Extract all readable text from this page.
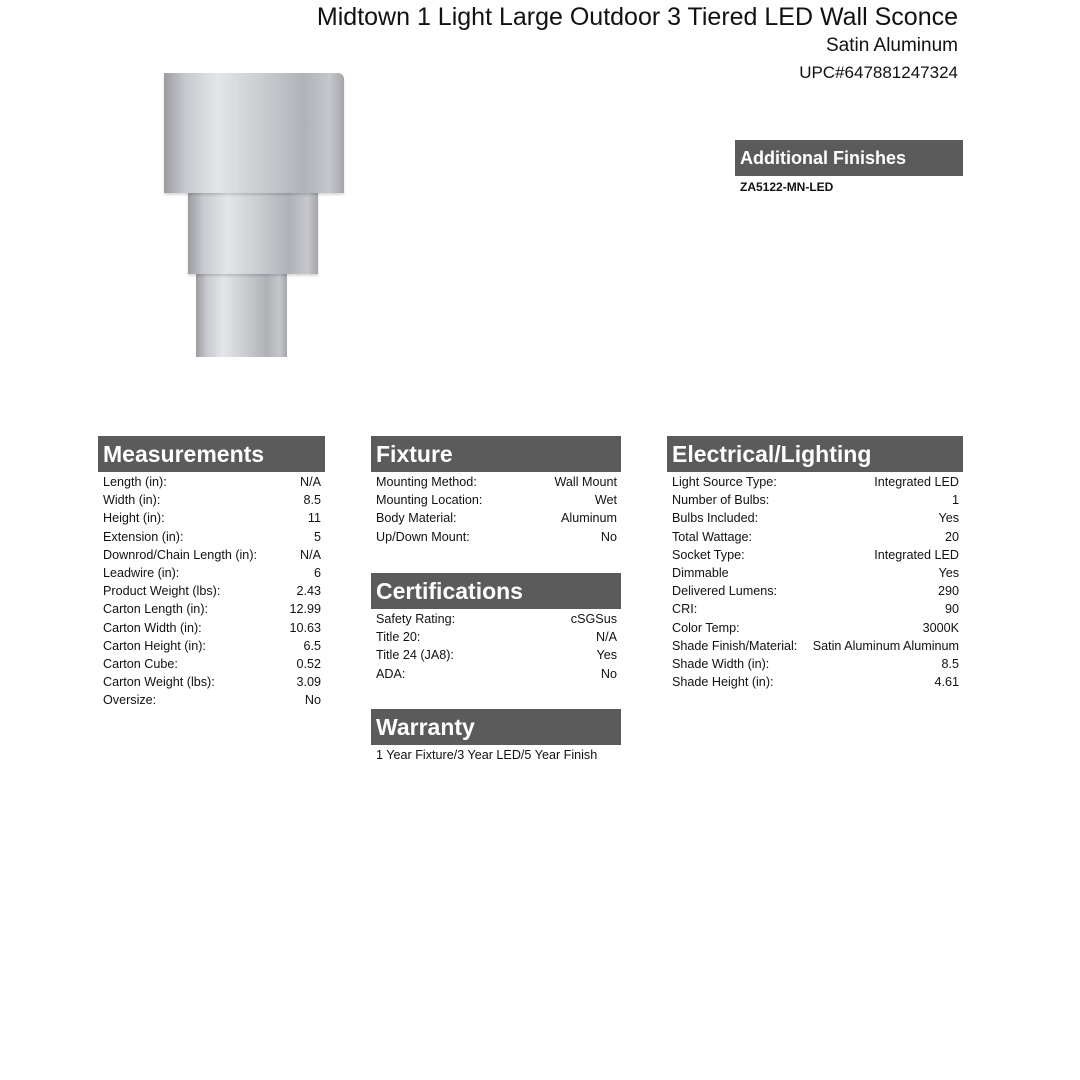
Midtown 1 Light Large Outdoor 3 Tiered LED Wall Sconce
Satin Aluminum
UPC#647881247324
Additional Finishes
ZA5122-MN-LED
Measurements
Length (in):	N/A
Width (in):	8.5
Height (in):	11
Extension (in):	5
Downrod/Chain Length (in):	N/A
Leadwire (in):	6
Product Weight (lbs):	2.43
Carton Length (in):	12.99
Carton Width (in):	10.63
Carton Height (in):	6.5
Carton Cube:	0.52
Carton Weight (lbs):	3.09
Oversize:	No
Fixture
Mounting Method:	Wall Mount
Mounting Location:	Wet
Body Material:	Aluminum
Up/Down Mount:	No
Certifications
Safety Rating:	cSGSus
Title 20:	N/A
Title 24 (JA8):	Yes
ADA:	No
Warranty
1 Year Fixture/3 Year LED/5 Year Finish
Electrical/Lighting
Light Source Type:	Integrated LED
Number of Bulbs:	1
Bulbs Included:	Yes
Total Wattage:	20
Socket Type:	Integrated LED
Dimmable	Yes
Delivered Lumens:	290
CRI:	90
Color Temp:	3000K
Shade Finish/Material: Satin Aluminum Aluminum
Shade Width (in):	8.5
Shade Height (in):	4.61
